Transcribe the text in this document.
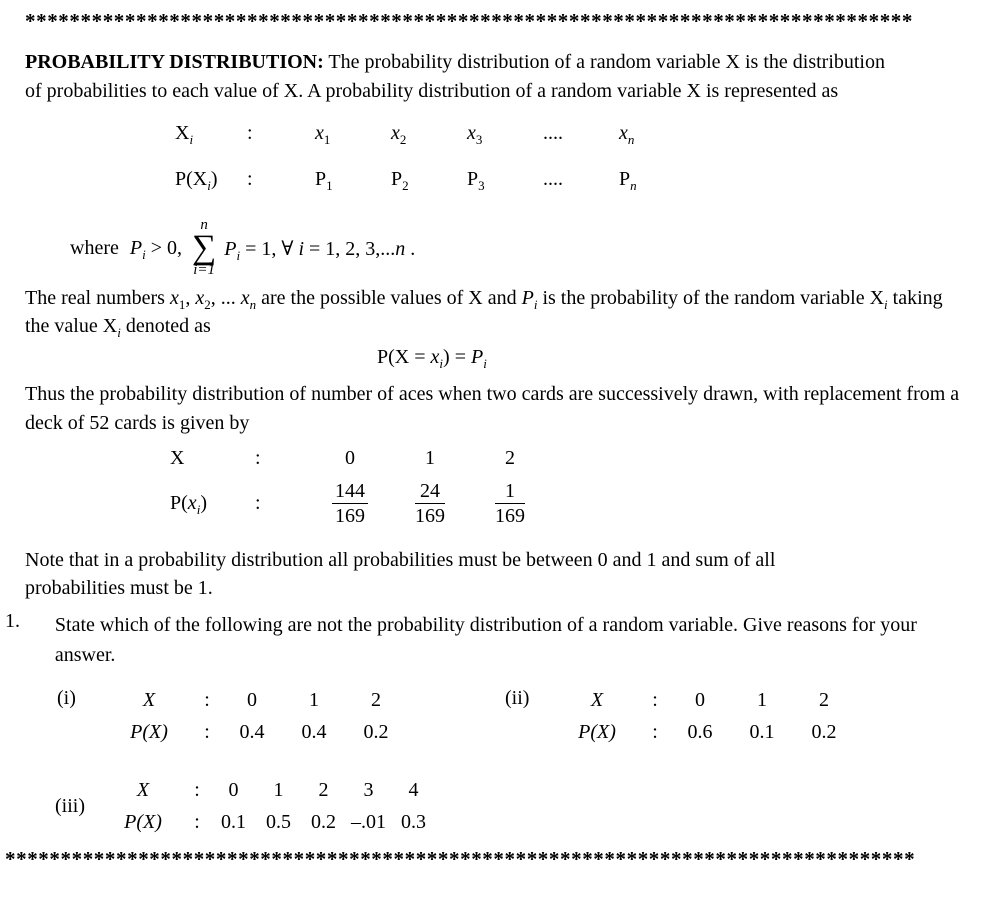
********************************************************************************
PROBABILITY DISTRIBUTION: The probability distribution of a random variable X is the distribution of probabilities to each value of X. A probability distribution of a random variable X is represented as
$X_i$	:	$x_1$	$x_2$	$x_3$	....	$x_n$
$P(X_i)$	:	$P_1$	$P_2$	$P_3$	....	$P_n$
where $P_i > 0$,
n
∑
i=1
$P_i = 1$, ∀ i = 1, 2, 3,...n .
The real numbers $x_1$, $x_2$, ... $x_n$ are the possible values of X and $P_i$ is the probability of the random variable $X_i$ taking the value $X_i$ denoted as
$P(X = x_i) = P_i$
Thus the probability distribution of number of aces when two cards are successively drawn, with replacement from a deck of 52 cards is given by
X	:	0	1	2
$P(x_i)$	:	$\frac{144}{169} \frac{24}{169}$	$\frac{1}{169}$
Note that in a probability distribution all probabilities must be between 0 and 1 and sum of all probabilities must be 1.
1.	State which of the following are not the probability distribution of a random variable. Give reasons for your answer.
(i)	X	:	0	1	2
P(X)	:	0.4	0.4	0.2
(ii)	X	:	0	1	2
P(X)	:	0.6	0.1	0.2
(iii)
X	:	0	1	2	3	4
P(X)	:	0.1	0.5	0.2 –.01 0.3
**********************************************************************************
